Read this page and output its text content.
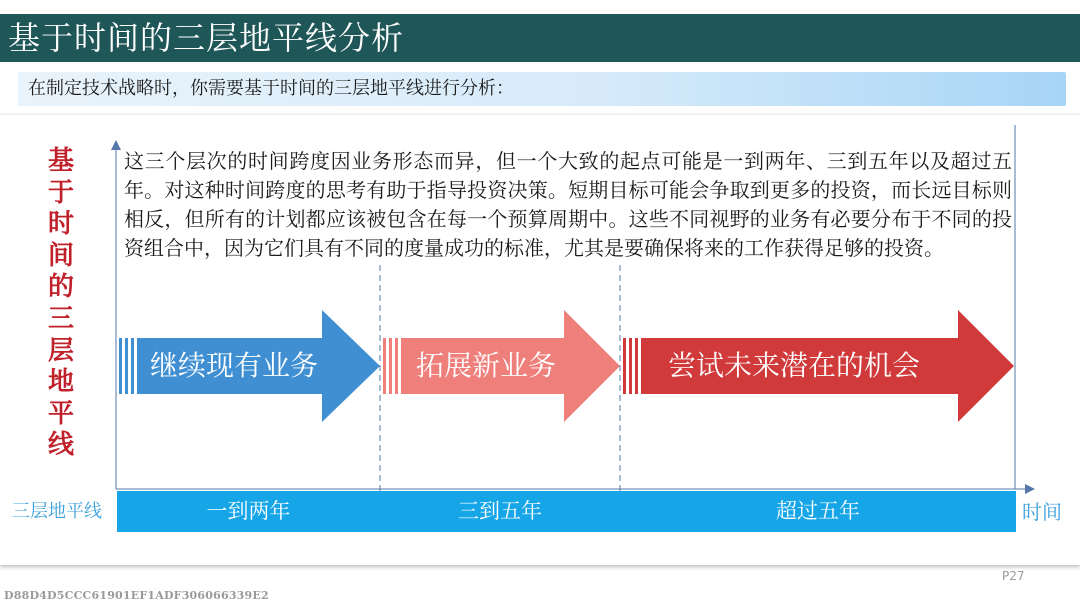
基于时间的三层地平线分析
在制定技术战略时，你需要基于时间的三层地平线进行分析：
基于时间的三层地平线
这三个层次的时间跨度因业务形态而异，但一个大致的起点可能是一到两年、三到五年以及超过五年。对这种时间跨度的思考有助于指导投资决策。短期目标可能会争取到更多的投资，而长远目标则相反，但所有的计划都应该被包含在每一个预算周期中。这些不同视野的业务有必要分布于不同的投资组合中，因为它们具有不同的度量成功的标准，尤其是要确保将来的工作获得足够的投资。
继续现有业务	拓展新业务	尝试未来潜在的机会
一到两年	三到五年	超过五年
三层地平线	时间
P27
D88D4D5CCC61901EF1ADF306066339E2
